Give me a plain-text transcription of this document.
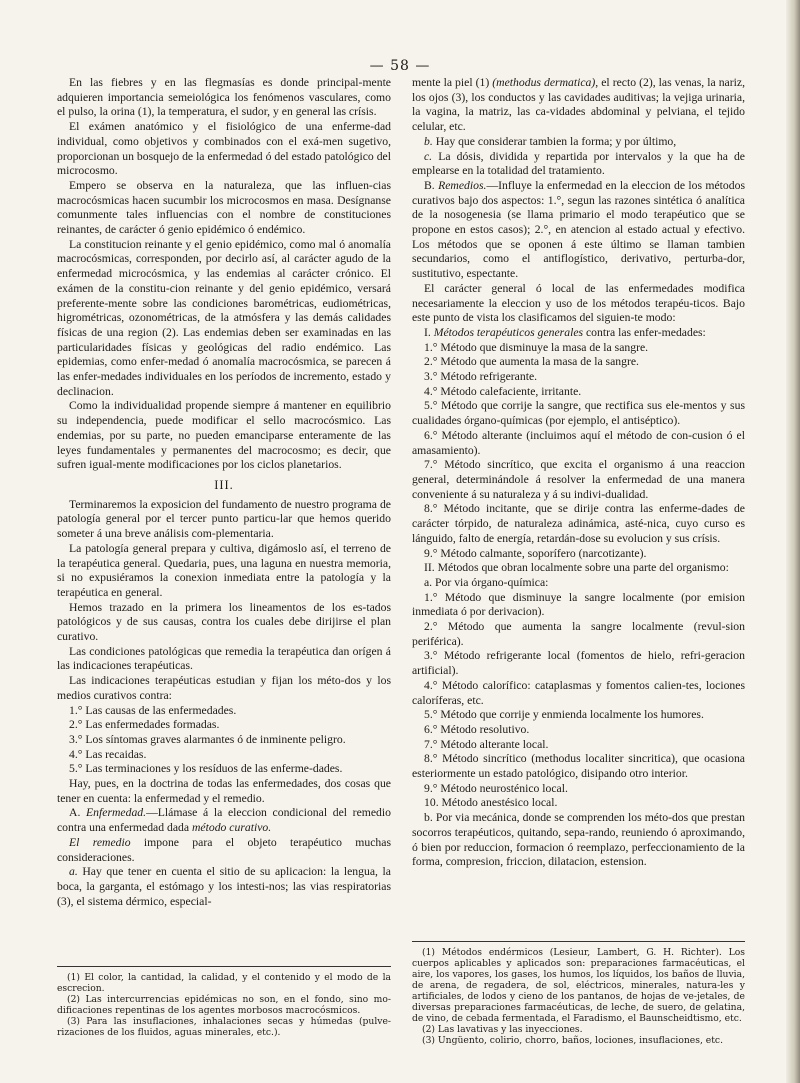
— 58 —

En las fiebres y en las flegmasías es donde principal-mente adquieren importancia semeiológica los fenómenos vasculares, como el pulso, la orina (1), la temperatura, el sudor, y en general las crísis.

El exámen anatómico y el fisiológico de una enferme-dad individual, como objetivos y combinados con el exá-men sugetivo, proporcionan un bosquejo de la enfermedad ó del estado patológico del microcosmo.

Empero se observa en la naturaleza, que las influen-cias macrocósmicas hacen sucumbir los microcosmos en masa. Desígnanse comunmente tales influencias con el nombre de constituciones reinantes, de carácter ó genio epidémico ó endémico.

La constitucion reinante y el genio epidémico, como mal ó anomalía macrocósmicas, corresponden, por decirlo así, al carácter agudo de la enfermedad microcósmica, y las endemias al carácter crónico. El exámen de la constitu-cion reinante y del genio epidémico, versará preferente-mente sobre las condiciones barométricas, eudiométricas, higrométricas, ozonométricas, de la atmósfera y las demás calidades físicas de una region (2). Las endemias deben ser examinadas en las particularidades físicas y geológicas del radio endémico. Las epidemias, como enfer-medad ó anomalía macrocósmica, se parecen á las enfer-medades individuales en los períodos de incremento, estado y declinacion.

Como la individualidad propende siempre á mantener en equilibrio su independencia, puede modificar el sello macrocósmico. Las endemias, por su parte, no pueden emanciparse enteramente de las leyes fundamentales y permanentes del macrocosmo; es decir, que sufren igual-mente modificaciones por los ciclos planetarios.

III.

Terminaremos la exposicion del fundamento de nuestro programa de patología general por el tercer punto particu-lar que hemos querido someter á una breve análisis com-plementaria.

La patología general prepara y cultiva, digámoslo así, el terreno de la terapéutica general. Quedaria, pues, una laguna en nuestra memoria, si no expusiéramos la conexion inmediata entre la patología y la terapéutica en general.

Hemos trazado en la primera los lineamentos de los es-tados patológicos y de sus causas, contra los cuales debe dirijirse el plan curativo.

Las condiciones patológicas que remedia la terapéutica dan orígen á las indicaciones terapéuticas.

Las indicaciones terapéuticas estudian y fijan los méto-dos y los medios curativos contra:

1.° Las causas de las enfermedades.

2.° Las enfermedades formadas.

3.° Los síntomas graves alarmantes ó de inminente peligro.

4.° Las recaidas.

5.° Las terminaciones y los resíduos de las enferme-dades.

Hay, pues, en la doctrina de todas las enfermedades, dos cosas que tener en cuenta: la enfermedad y el remedio.

A. Enfermedad.—Llámase á la eleccion condicional del remedio contra una enfermedad dada método curativo.

El remedio impone para el objeto terapéutico muchas consideraciones.

a. Hay que tener en cuenta el sitio de su aplicacion: la lengua, la boca, la garganta, el estómago y los intesti-nos; las vias respiratorias (3), el sistema dérmico, especial-

(1) El color, la cantidad, la calidad, y el contenido y el modo de la escrecion.

(2) Las intercurrencias epidémicas no son, en el fondo, sino mo-dificaciones repentinas de los agentes morbosos macrocósmicos.

(3) Para las insuflaciones, inhalaciones secas y húmedas (pulve-rizaciones de los fluidos, aguas minerales, etc.).

mente la piel (1) (methodus dermatica), el recto (2), las venas, la nariz, los ojos (3), los conductos y las cavidades auditivas; la vejiga urinaria, la vagina, la matriz, las ca-vidades abdominal y pelviana, el tejido celular, etc.

b. Hay que considerar tambien la forma; y por último,

c. La dósis, dividida y repartida por intervalos y la que ha de emplearse en la totalidad del tratamiento.

B. Remedios.—Influye la enfermedad en la eleccion de los métodos curativos bajo dos aspectos: 1.°, segun las razones sintética ó analítica de la nosogenesia (se llama primario el modo terapéutico que se propone en estos casos); 2.°, en atencion al estado actual y efectivo. Los métodos que se oponen á este último se llaman tambien secundarios, como el antiflogístico, derivativo, perturba-dor, sustitutivo, espectante.

El carácter general ó local de las enfermedades modifica necesariamente la eleccion y uso de los métodos terapéu-ticos. Bajo este punto de vista los clasificamos del siguien-te modo:

I. Métodos terapéuticos generales contra las enfer-medades:

1.° Método que disminuye la masa de la sangre.

2.° Método que aumenta la masa de la sangre.

3.° Método refrigerante.

4.° Método calefaciente, irritante.

5.° Método que corrije la sangre, que rectifica sus ele-mentos y sus cualidades órgano-químicas (por ejemplo, el antiséptico).

6.° Método alterante (incluimos aquí el método de con-cusion ó el amasamiento).

7.° Método sincrítico, que excita el organismo á una reaccion general, determinándole á resolver la enfermedad de una manera conveniente á su naturaleza y á su indivi-dualidad.

8.° Método incitante, que se dirije contra las enferme-dades de carácter tórpido, de naturaleza adinámica, asté-nica, cuyo curso es lánguido, falto de energía, retardán-dose su evolucion y sus crísis.

9.° Método calmante, soporífero (narcotizante).

II. Métodos que obran localmente sobre una parte del organismo:

a. Por via órgano-química:

1.° Método que disminuye la sangre localmente (por emision inmediata ó por derivacion).

2.° Método que aumenta la sangre localmente (revul-sion periférica).

3.° Método refrigerante local (fomentos de hielo, refri-geracion artificial).

4.° Método calorífico: cataplasmas y fomentos calien-tes, lociones caloríferas, etc.

5.° Método que corrije y enmienda localmente los humores.

6.° Método resolutivo.

7.° Método alterante local.

8.° Método sincrítico (methodus localiter sincritica), que ocasiona esteriormente un estado patológico, disipando otro interior.

9.° Método neurosténico local.

10. Método anestésico local.

b. Por via mecánica, donde se comprenden los méto-dos que prestan socorros terapéuticos, quitando, sepa-rando, reuniendo ó aproximando, ó bien por reduccion, formacion ó reemplazo, perfeccionamiento de la forma, compresion, friccion, dilatacion, estension.

(1) Métodos endérmicos (Lesieur, Lambert, G. H. Richter). Los cuerpos aplicables y aplicados son: preparaciones farmacéuticas, el aire, los vapores, los gases, los humos, los líquidos, los baños de lluvia, de arena, de regadera, de sol, eléctricos, minerales, natura-les y artificiales, de lodos y cieno de los pantanos, de hojas de ve-jetales, de diversas preparaciones farmacéuticas, de leche, de suero, de gelatina, de vino, de cebada fermentada, el Faradismo, el Baunscheidtismo, etc.

(2) Las lavativas y las inyecciones.

(3) Ungüento, colirio, chorro, baños, lociones, insuflaciones, etc.
